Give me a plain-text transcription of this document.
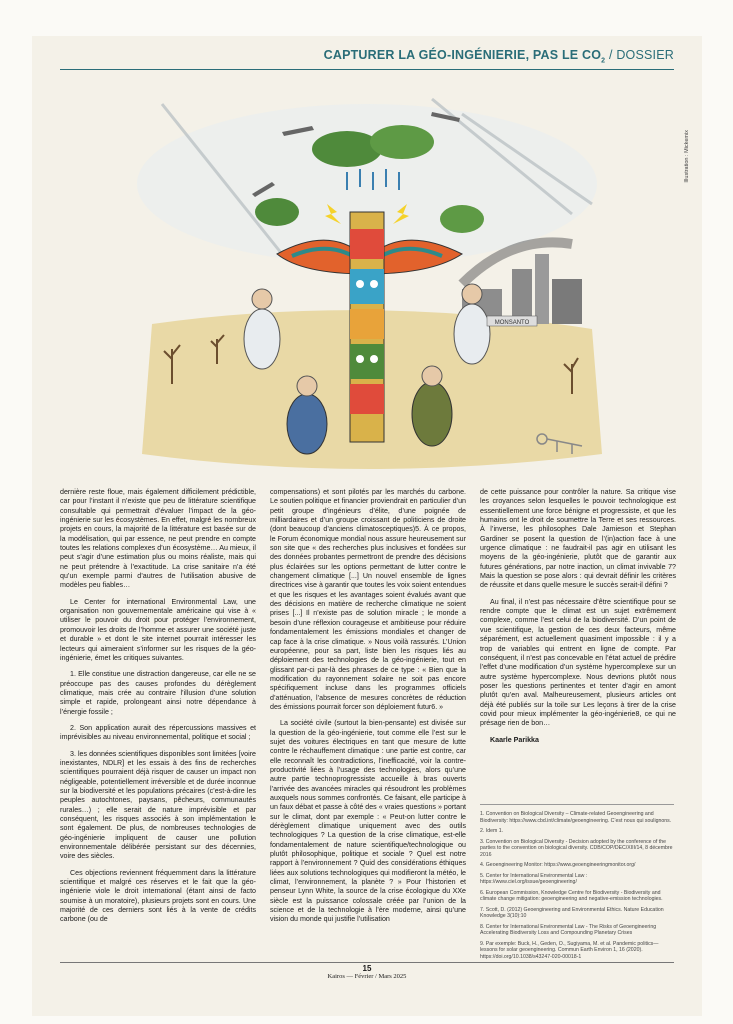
CAPTURER LA GÉO-INGÉNIERIE, PAS LE $CO_2$ / DOSSIER
Illustration : Mickemix
MONSANTO

dernière reste floue, mais également difficilement prédictible, car pour l’instant il n’existe que peu de littérature scientifique consultable qui permettrait d’évaluer l’impact de la géo-ingénierie sur les écosystèmes. En effet, malgré les nombreux projets en cours, la majorité de la littérature est basée sur de la modélisation, qui par essence, ne peut prendre en compte toutes les relations complexes d’un écosystème… Au mieux, il peut s’agir d’une estimation plus ou moins réaliste, mais qui ne peut prétendre à l’exactitude. La crise sanitaire n’a été qu’un exemple parmi d’autres de l’utilisation abusive de modèles peu fiables…

Le Center for international Environmental Law, une organisation non gouvernementale américaine qui vise à « utiliser le pouvoir du droit pour protéger l’environnement, promouvoir les droits de l’homme et assurer une société juste et durable » et dont le site internet pourrait intéresser les lecteurs qui aimeraient s’informer sur les risques de la géo-ingénierie, émet les critiques suivantes.

1. Elle constitue une distraction dangereuse, car elle ne se préoccupe pas des causes profondes du dérèglement climatique, mais crée au contraire l’illusion d’une solution simple et rapide, prolongeant ainsi notre dépendance à l’énergie fossile ;

2. Son application aurait des répercussions massives et imprévisibles au niveau environnemental, politique et social ;

3. les données scientifiques disponibles sont limitées [voire inexistantes, NDLR] et les essais à des fins de recherches scientifiques pourraient déjà risquer de causer un impact non négligeable, potentiellement irréversible et de durée inconnue sur la biodiversité et les populations précaires (c’est-à-dire les peuples autochtones, paysans, pêcheurs, communautés rurales…) ; elle serait de nature imprévisible et par conséquent, les risques associés à son implémentation le sont également. De plus, de nombreuses technologies de géo-ingénierie impliquent de causer une pollution environnementale délibérée persistant sur des décennies, voire des siècles.

Ces objections reviennent fréquemment dans la littérature scientifique et malgré ces réserves et le fait que la géo-ingénierie viole le droit international (étant ainsi de facto soumise à un moratoire), plusieurs projets sont en cours. Une majorité de ces derniers sont liés à la vente de crédits carbone (ou de

compensations) et sont pilotés par les marchés du carbone. Le soutien politique et financier proviendrait en particulier d’un petit groupe d’ingénieurs d’élite, d’une poignée de milliardaires et d’un groupe croissant de politiciens de droite (dont beaucoup d’anciens climatosceptiques)5. À ce propos, le Forum économique mondial nous assure heureusement sur son site que « des recherches plus inclusives et fondées sur des données probantes permettront de prendre des décisions plus éclairées sur les options permettant de lutter contre le changement climatique [...] Un nouvel ensemble de lignes directrices vise à garantir que toutes les voix soient entendues et que les risques et les avantages soient évalués avant que des décisions en matière de recherche climatique ne soient prises [...] Il n’existe pas de solution miracle ; le monde a besoin d’une réflexion courageuse et ambitieuse pour réduire fondamentalement les émissions mondiales et changer de cap face à la crise climatique. » Nous voilà rassurés. L’Union européenne, pour sa part, liste bien les risques liés au déploiement des technologies de la géo-ingénierie, tout en glissant par-ci par-là des phrases de ce type : « Bien que la modification du rayonnement solaire ne soit pas encore spécifiquement incluse dans les programmes officiels d’atténuation, l’absence de mesures concrètes de réduction des émissions pourrait forcer son déploiement futur6. »

La société civile (surtout la bien-pensante) est divisée sur la question de la géo-ingénierie, tout comme elle l’est sur le sujet des voitures électriques en tant que mesure de lutte contre le réchauffement climatique : une partie est contre, car elle reconnaît les contradictions, l’inefficacité, voir la contre-productivité liées à l’usage des technologies, alors qu’une autre partie technoprogressiste accueille à bras ouverts l’arrivée des avancées miracles qui résoudront les problèmes auxquels nous sommes confrontés. Ce faisant, elle participe à un faux débat et passe à côté des « vraies questions » portant sur le climat, dont par exemple : « Peut-on lutter contre le dérèglement climatique uniquement avec des outils technologiques ? La question de la crise climatique, est-elle fondamentalement de nature scientifique/technologique ou plutôt philosophique, politique et sociale ? Quel est notre rapport à l’environnement ? Quid des considérations éthiques liées aux solutions technologiques qui modifieront la météo, le climat, l’environnement, la planète ? » Pour l’historien et penseur Lynn White, la source de la crise écologique du XXe siècle est la puissance colossale créée par l’union de la science et de la technologie à l’ère moderne, ainsi qu’une vision du monde qui justifie l’utilisation

de cette puissance pour contrôler la nature. Sa critique vise les croyances selon lesquelles le pouvoir technologique est essentiellement une force bénigne et progressiste, et que les humains ont le droit de soumettre la Terre et ses ressources. À l’inverse, les philosophes Dale Jamieson et Stephan Gardiner se posent la question de l’(in)action face à une urgence climatique : ne faudrait-il pas agir en utilisant les moyens de la géo-ingénierie, plutôt que de garantir aux futures générations, par notre inaction, un climat invivable 7? Mais la question se pose alors : qui devrait définir les critères de réussite et dans quelle mesure le succès serait-il défini ?

Au final, il n’est pas nécessaire d’être scientifique pour se rendre compte que le climat est un sujet extrêmement complexe, comme l’est celui de la biodiversité. D’un point de vue scientifique, la gestion de ces deux facteurs, même séparément, est actuellement quasiment impossible : il y a trop de variables qui entrent en ligne de compte. Par conséquent, il n’est pas concevable en l’état actuel de prédire l’effet d’une modification d’un système hypercomplexe sur un autre système hypercomplexe. Nous devrions plutôt nous poser les questions pertinentes et tenter d’agir en amont plutôt qu’en aval. Malheureusement, plusieurs articles ont déjà été publiés sur la toile sur Les leçons à tirer de la crise covid pour mieux implémenter la géo-ingénierie8, ce qui ne présage rien de bon…

Kaarle Parikka

1. Convention on Biological Diversity – Climate-related Geoengineering and Biodiversity: https://www.cbd.int/climate/geoengineering. C’est nous qui soulignons.
2. Idem 1.
3. Convention on Biological Diversity - Decision adopted by the conference of the parties to the convention on biological diversity. CDB/COP/DEC/XIII/14, 8 décembre 2016
4. Geoengineering Monitor: https://www.geoengineeringmonitor.org/
5. Center for International Environmental Law : https://www.ciel.org/issue/geoengineering/
6. European Commission, Knowledge Centre for Biodiversity - Biodiversity and climate change mitigation: geoengineering and negative-emission technologies.
7. Scott, D. (2012) Geoengineering and Environmental Ethics. Nature Education Knowledge 3(10):10
8. Center for International Environmental Law - The Risks of Geoengineering Accelerating Biodiversity Loss and Compounding Planetary Crises
9. Par exemple: Buck, H., Geden, O., Sugiyama, M. et al. Pandemic politics—lessons for solar geoengineering. Commun Earth Environ 1, 16 (2020). https://doi.org/10.1038/s43247-020-00018-1
15
Kairos — Février / Mars 2025
